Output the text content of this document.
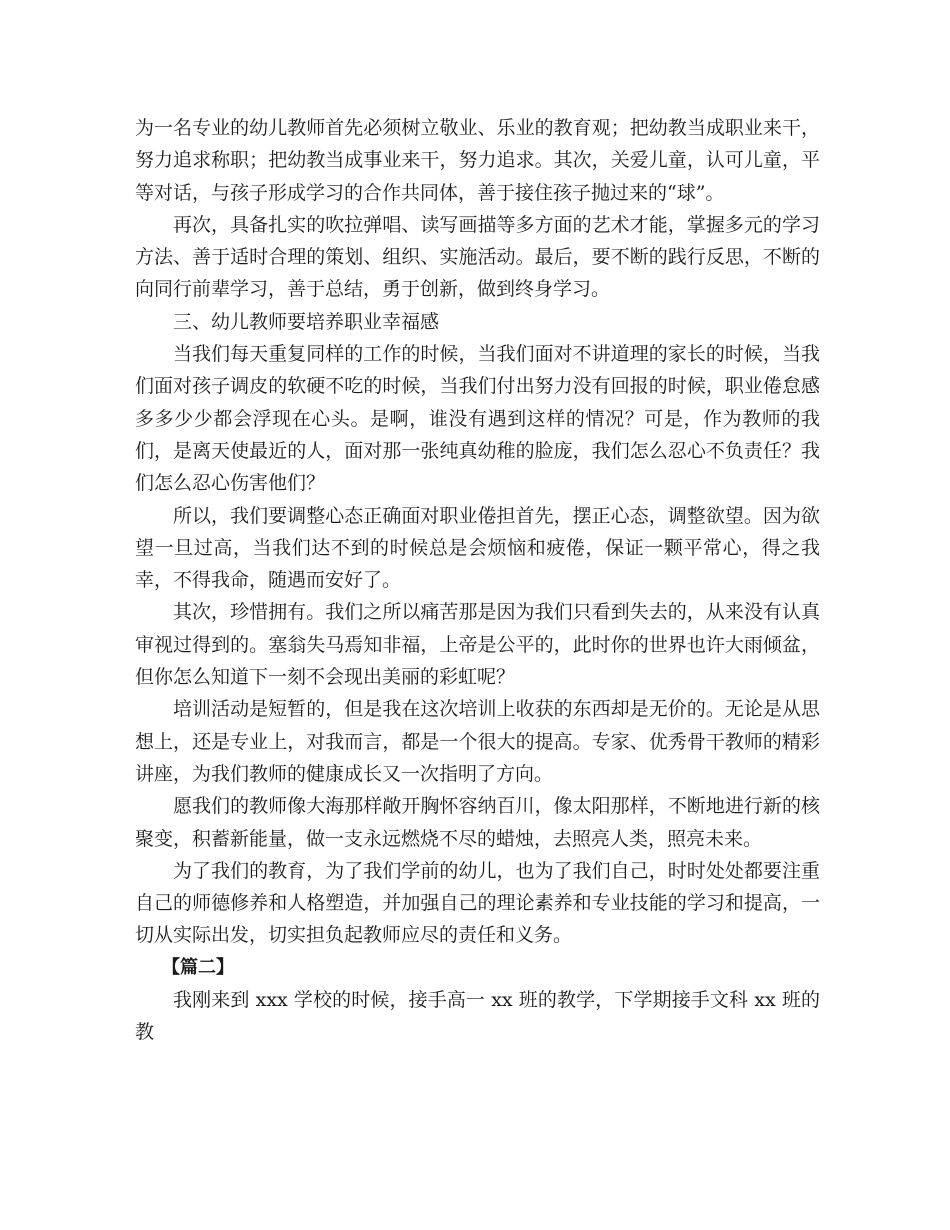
为一名专业的幼儿教师首先必须树立敬业、乐业的教育观；把幼教当成职业来干，努力追求称职；把幼教当成事业来干，努力追求。其次，关爱儿童，认可儿童，平等对话，与孩子形成学习的合作共同体，善于接住孩子抛过来的“球”。

再次，具备扎实的吹拉弹唱、读写画描等多方面的艺术才能，掌握多元的学习方法、善于适时合理的策划、组织、实施活动。最后，要不断的践行反思，不断的向同行前辈学习，善于总结，勇于创新，做到终身学习。

三、幼儿教师要培养职业幸福感

当我们每天重复同样的工作的时候，当我们面对不讲道理的家长的时候，当我们面对孩子调皮的软硬不吃的时候，当我们付出努力没有回报的时候，职业倦怠感多多少少都会浮现在心头。是啊，谁没有遇到这样的情况？可是，作为教师的我们，是离天使最近的人，面对那一张纯真幼稚的脸庞，我们怎么忍心不负责任？我们怎么忍心伤害他们？

所以，我们要调整心态正确面对职业倦担首先，摆正心态，调整欲望。因为欲望一旦过高，当我们达不到的时候总是会烦恼和疲倦，保证一颗平常心，得之我幸，不得我命，随遇而安好了。

其次，珍惜拥有。我们之所以痛苦那是因为我们只看到失去的，从来没有认真审视过得到的。塞翁失马焉知非福，上帝是公平的，此时你的世界也许大雨倾盆，但你怎么知道下一刻不会现出美丽的彩虹呢？

培训活动是短暂的，但是我在这次培训上收获的东西却是无价的。无论是从思想上，还是专业上，对我而言，都是一个很大的提高。专家、优秀骨干教师的精彩讲座，为我们教师的健康成长又一次指明了方向。

愿我们的教师像大海那样敞开胸怀容纳百川，像太阳那样，不断地进行新的核聚变，积蓄新能量，做一支永远燃烧不尽的蜡烛，去照亮人类，照亮未来。

为了我们的教育，为了我们学前的幼儿，也为了我们自己，时时处处都要注重自己的师德修养和人格塑造，并加强自己的理论素养和专业技能的学习和提高，一切从实际出发，切实担负起教师应尽的责任和义务。

【篇二】

我刚来到 xxx 学校的时候，接手高一 xx 班的教学，下学期接手文科 xx 班的教
